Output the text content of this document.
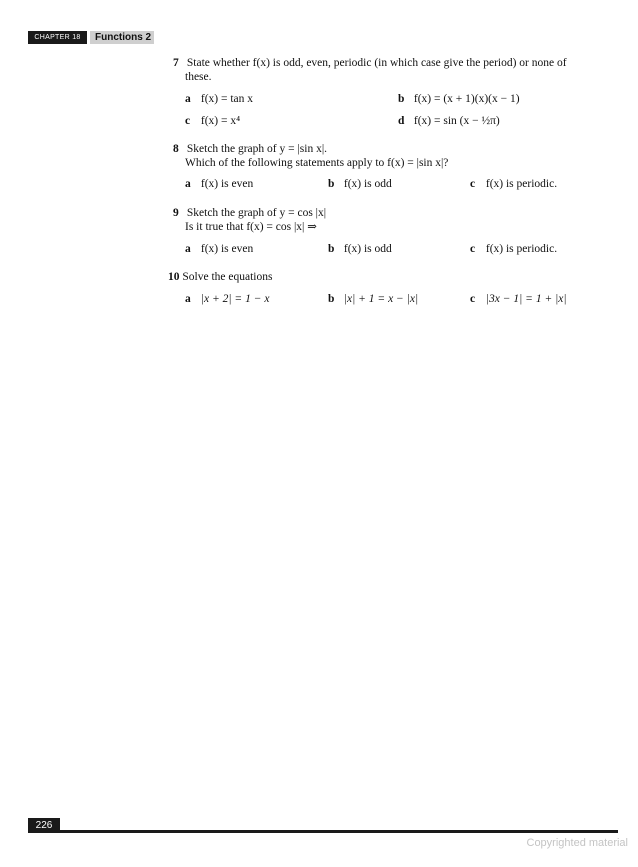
CHAPTER 18	Functions 2
7 State whether f(x) is odd, even, periodic (in which case give the period) or none of
these.
a f(x) = tan x	b f(x) = (x + 1)(x)(x − 1)
c f(x) = x⁴	d f(x) = sin (x − ½π)
8 Sketch the graph of y = |sin x|.
Which of the following statements apply to f(x) = |sin x|?
a f(x) is even	b f(x) is odd	c f(x) is periodic.
9 Sketch the graph of y = cos |x|
Is it true that f(x) = cos |x| ⇒
a f(x) is even	b f(x) is odd	c f(x) is periodic.
10 Solve the equations
a |x + 2| = 1 − x	b |x| + 1 = x − |x|	c |3x − 1| = 1 + |x|
226
Copyrighted material
